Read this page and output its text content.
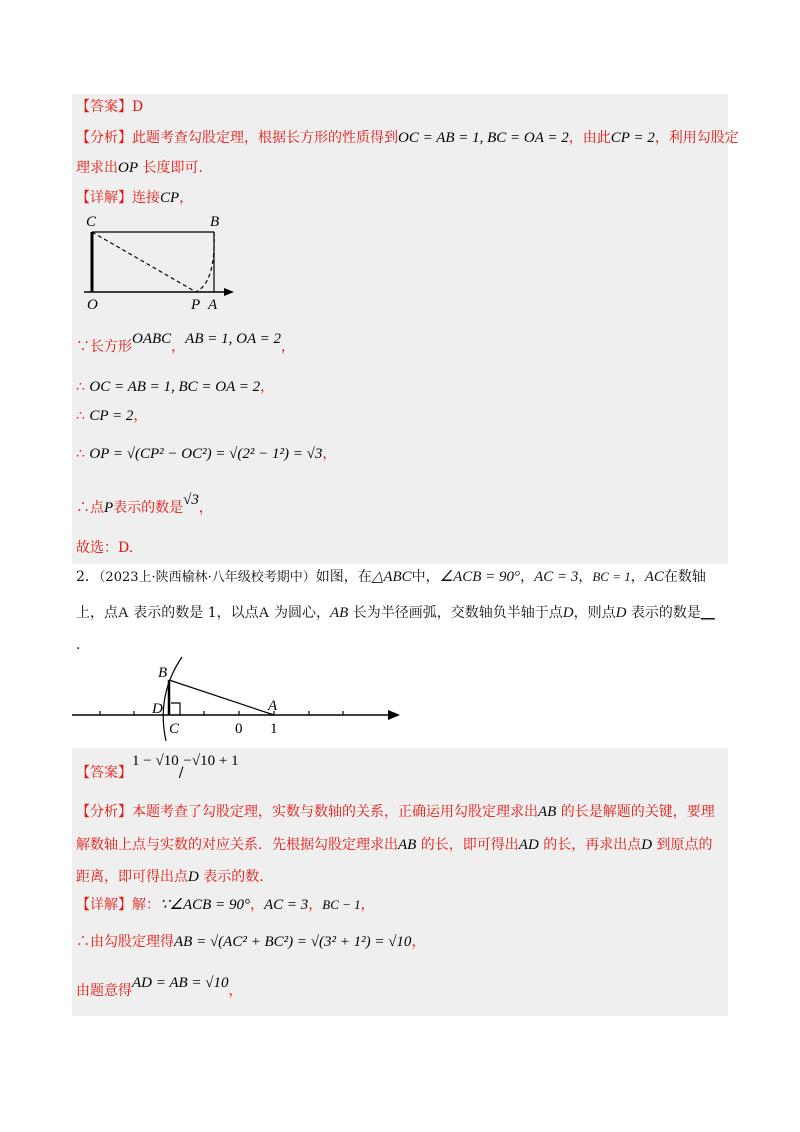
【答案】D
【分析】此题考查勾股定理，根据长方形的性质得到OC = AB = 1, BC = OA = 2，由此CP = 2，利用勾股定
理求出OP 长度即可.
【详解】连接CP，
C	B
O	P A
∵长方形OABC，AB = 1, OA = 2，
∴ OC = AB = 1, BC = OA = 2，
∴ CP = 2，
∴ OP = √(CP² − OC²) = √(2² − 1²) = √3，
∴点P表示的数是√3，
故选：D.
2．（2023上·陕西榆林·八年级校考期中）如图，在△ABC中，∠ACB = 90°，AC = 3，BC = 1，AC在数轴
上，点A 表示的数是 1，以点A 为圆心，AB 长为半径画弧，交数轴负半轴于点D，则点D 表示的数是__
.
B
D
C
A
0 1
【答案】1 − √10/−√10 + 1
【分析】本题考查了勾股定理，实数与数轴的关系，正确运用勾股定理求出AB 的长是解题的关键，要理
解数轴上点与实数的对应关系．先根据勾股定理求出AB 的长，即可得出AD 的长，再求出点D 到原点的
距离，即可得出点D 表示的数.
【详解】解：∵∠ACB = 90°，AC = 3，BC − 1，
∴由勾股定理得AB = √(AC² + BC²) = √(3² + 1²) = √10，
由题意得AD = AB = √10，
